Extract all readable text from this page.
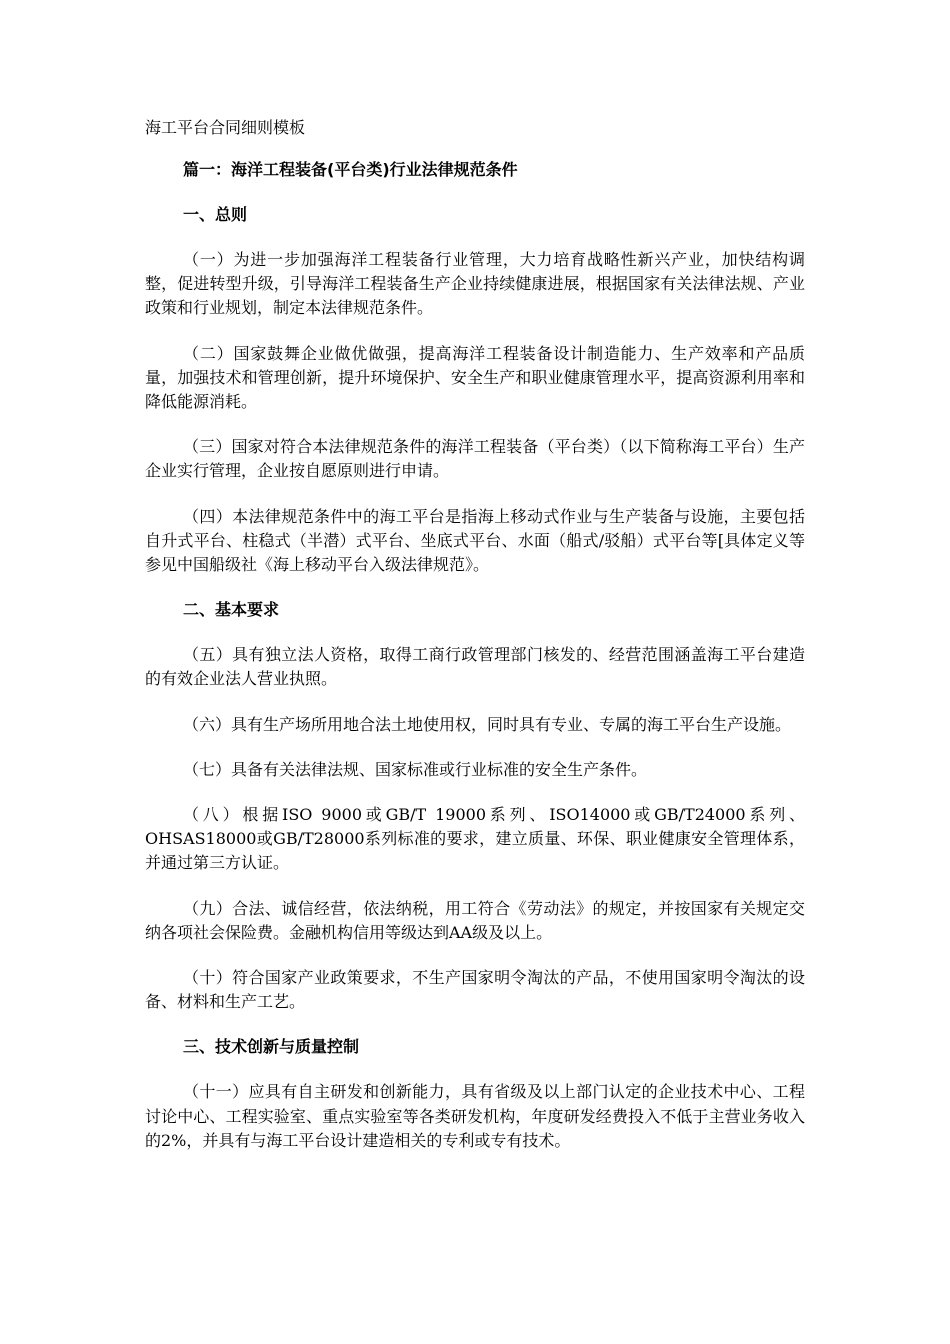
海工平台合同细则模板
篇一：海洋工程装备(平台类)行业法律规范条件
一、总则

（一）为进一步加强海洋工程装备行业管理，大力培育战略性新兴产业，加快结构调整，促进转型升级，引导海洋工程装备生产企业持续健康进展，根据国家有关法律法规、产业政策和行业规划，制定本法律规范条件。

（二）国家鼓舞企业做优做强，提高海洋工程装备设计制造能力、生产效率和产品质量，加强技术和管理创新，提升环境保护、安全生产和职业健康管理水平，提高资源利用率和降低能源消耗。

（三）国家对符合本法律规范条件的海洋工程装备（平台类）（以下简称海工平台）生产企业实行管理，企业按自愿原则进行申请。

（四）本法律规范条件中的海工平台是指海上移动式作业与生产装备与设施，主要包括自升式平台、柱稳式（半潜）式平台、坐底式平台、水面（船式/驳船）式平台等[具体定义等参见中国船级社《海上移动平台入级法律规范》。

二、基本要求

（五）具有独立法人资格，取得工商行政管理部门核发的、经营范围涵盖海工平台建造的有效企业法人营业执照。

（六）具有生产场所用地合法土地使用权，同时具有专业、专属的海工平台生产设施。

（七）具备有关法律法规、国家标准或行业标准的安全生产条件。

（八）根据ISO 9000或GB/T 19000系列、ISO14000或GB/T24000系列、OHSAS18000或GB/T28000系列标准的要求，建立质量、环保、职业健康安全管理体系，并通过第三方认证。

（九）合法、诚信经营，依法纳税，用工符合《劳动法》的规定，并按国家有关规定交纳各项社会保险费。金融机构信用等级达到AA级及以上。

（十）符合国家产业政策要求，不生产国家明令淘汰的产品，不使用国家明令淘汰的设备、材料和生产工艺。

三、技术创新与质量控制

（十一）应具有自主研发和创新能力，具有省级及以上部门认定的企业技术中心、工程讨论中心、工程实验室、重点实验室等各类研发机构，年度研发经费投入不低于主营业务收入的2%，并具有与海工平台设计建造相关的专利或专有技术。
